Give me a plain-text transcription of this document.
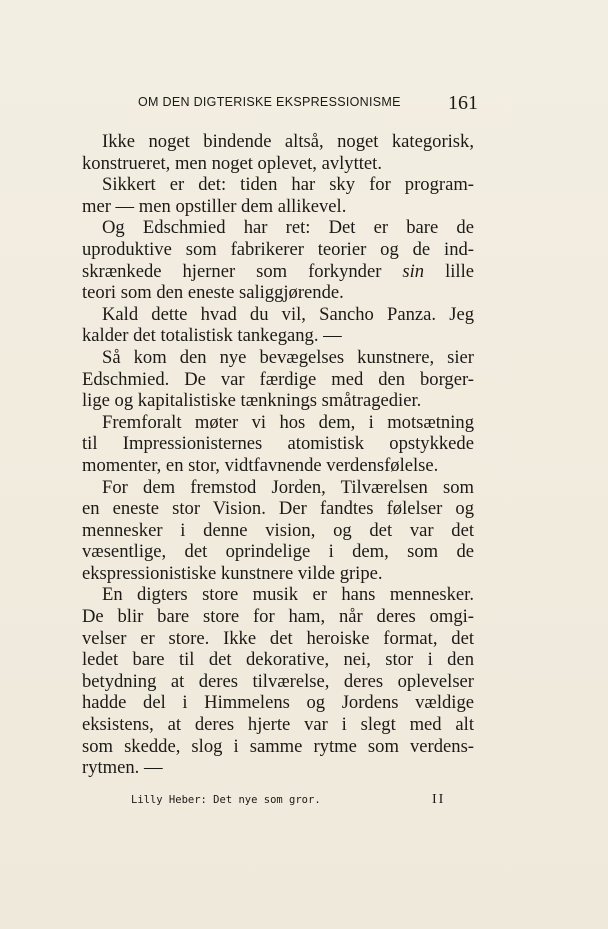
OM DEN DIGTERISKE EKSPRESSIONISME 161
Ikke noget bindende altså, noget kategorisk,
konstrueret, men noget oplevet, avlyttet.
Sikkert er det: tiden har sky for program-
mer — men opstiller dem allikevel.
Og Edschmied har ret: Det er bare de
uproduktive som fabrikerer teorier og de ind-
skrænkede hjerner som forkynder sin lille
teori som den eneste saliggjørende.
Kald dette hvad du vil, Sancho Panza. Jeg
kalder det totalistisk tankegang. —
Så kom den nye bevægelses kunstnere, sier
Edschmied. De var færdige med den borger-
lige og kapitalistiske tænknings småtragedier.
Fremforalt møter vi hos dem, i motsætning
til Impressionisternes atomistisk opstykkede
momenter, en stor, vidtfavnende verdensfølelse.
For dem fremstod Jorden, Tilværelsen som
en eneste stor Vision. Der fandtes følelser og
mennesker i denne vision, og det var det
væsentlige, det oprindelige i dem, som de
ekspressionistiske kunstnere vilde gripe.
En digters store musik er hans mennesker.
De blir bare store for ham, når deres omgi-
velser er store. Ikke det heroiske format, det
ledet bare til det dekorative, nei, stor i den
betydning at deres tilværelse, deres oplevelser
hadde del i Himmelens og Jordens vældige
eksistens, at deres hjerte var i slegt med alt
som skedde, slog i samme rytme som verdens-
rytmen. —
Lilly Heber: Det nye som gror.	II
